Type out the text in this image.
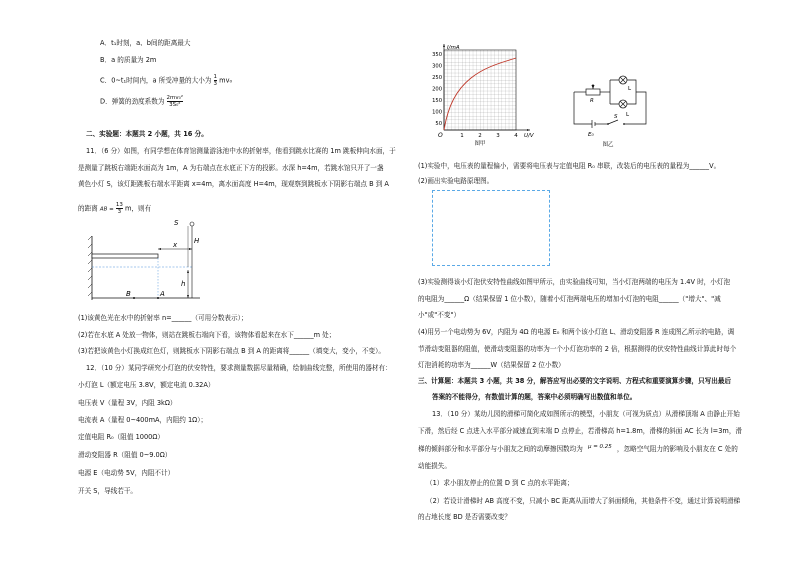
A．t₁时刻，a、b间的距离最大
B．a 的质量为 2m
C．0~t₁时间内，a 所受冲量的大小为 $\frac{1}{3} mv_0$
D．弹簧的劲度系数为 $\frac{\text{2mv₀²}}{\text{3S₀²}}$
二、实验题：本题共 2 小题，共 16 分。
11．（6 分）如图，有同学想在体育馆测量游泳池中水的折射率，他看到跳水比赛的 1m 跳板伸向水面，于
是测量了跳板右端距水面高为 1m，A 为右端点在水底正下方的投影。水深 h=4m，若跳水馆只开了一盏
黄色小灯 S，该灯距跳板右端水平距离 x=4m，离水面高度 H=4m，现观察到跳板水下阴影右端点 B 到 A
的距离 AB = $\frac{13}{3}$ m，则有
S
H
x
h
B	A
(1)该黄色光在水中的折射率 n=______（可用分数表示）；
(2)若在水底 A 处放一物体，则站在跳板右端向下看，该物体看起来在水下______m 处；
(3)若把该黄色小灯换成红色灯，则跳板水下阴影右端点 B 到 A 的距离将______（填变大，变小，不变）。
12．（10 分）某同学研究小灯泡的伏安特性，要求测量数据尽量精确，绘制曲线完整，所使用的器材有：
小灯泡 L（额定电压 3.8V，额定电流 0.32A）
电压表 V（量程 3V，内阻 3kΩ）
电流表 A（量程 0~400mA，内阻约 1Ω）；
定值电阻 R₀（阻值 1000Ω）
滑动变阻器 R（阻值 0~9.0Ω）
电源 E（电动势 5V，内阻不计）
开关 S，导线若干。
350
300
250
200
150
100
50
1	2	3	4
O
I/mA
U/V
图甲
R
L
L
E₀
S
图乙
(1)实验中，电压表的量程偏小，需要将电压表与定值电阻 R₀ 串联，改装后的电压表的量程为______V。
(2)画出实验电路原理图。
(3)实验测得该小灯泡伏安特性曲线如图甲所示，由实验曲线可知，当小灯泡两端的电压为 1.4V 时，小灯泡
的电阻为______Ω（结果保留 1 位小数），随着小灯泡两端电压的增加小灯泡的电阻______（"增大"、"减
小"或"不变"）
(4)用另一个电动势为 6V，内阻为 4Ω 的电源 E₀ 和两个该小灯泡 L、滑动变阻器 R 连成图乙所示的电路，调
节滑动变阻器的阻值，使滑动变阻器的功率为一个小灯泡功率的 2 倍，根据测得的伏安特性曲线计算此时每个
灯泡消耗的功率为______W（结果保留 2 位小数）
三、计算题：本题共 3 小题，共 38 分，解答应写出必要的文字说明、方程式和重要演算步骤，只写出最后
答案的不能得分，有数值计算的题，答案中必须明确写出数值和单位。
13．（10 分）某幼儿园的滑梯可简化成如图所示的模型，小朋友（可视为质点）从滑梯顶端 A 由静止开始
下滑，然后经 C 点进入水平部分减速直到末端 D 点停止，若滑梯高 h=1.8m，滑梯的斜面 AC 长为 l=3m，滑
梯的倾斜部分和水平部分与小朋友之间的动摩擦因数均为 $^{\mu = 0.25}$ ，忽略空气阻力的影响及小朋友在 C 处的
动能损失。
（1）求小朋友停止的位置 D 到 C 点的水平距离；
（2）若设计滑梯时 AB 高度不变，只减小 BC 距离从而增大了斜面倾角，其他条件不变，通过计算说明滑梯
的占地长度 BD 是否需要改变？
